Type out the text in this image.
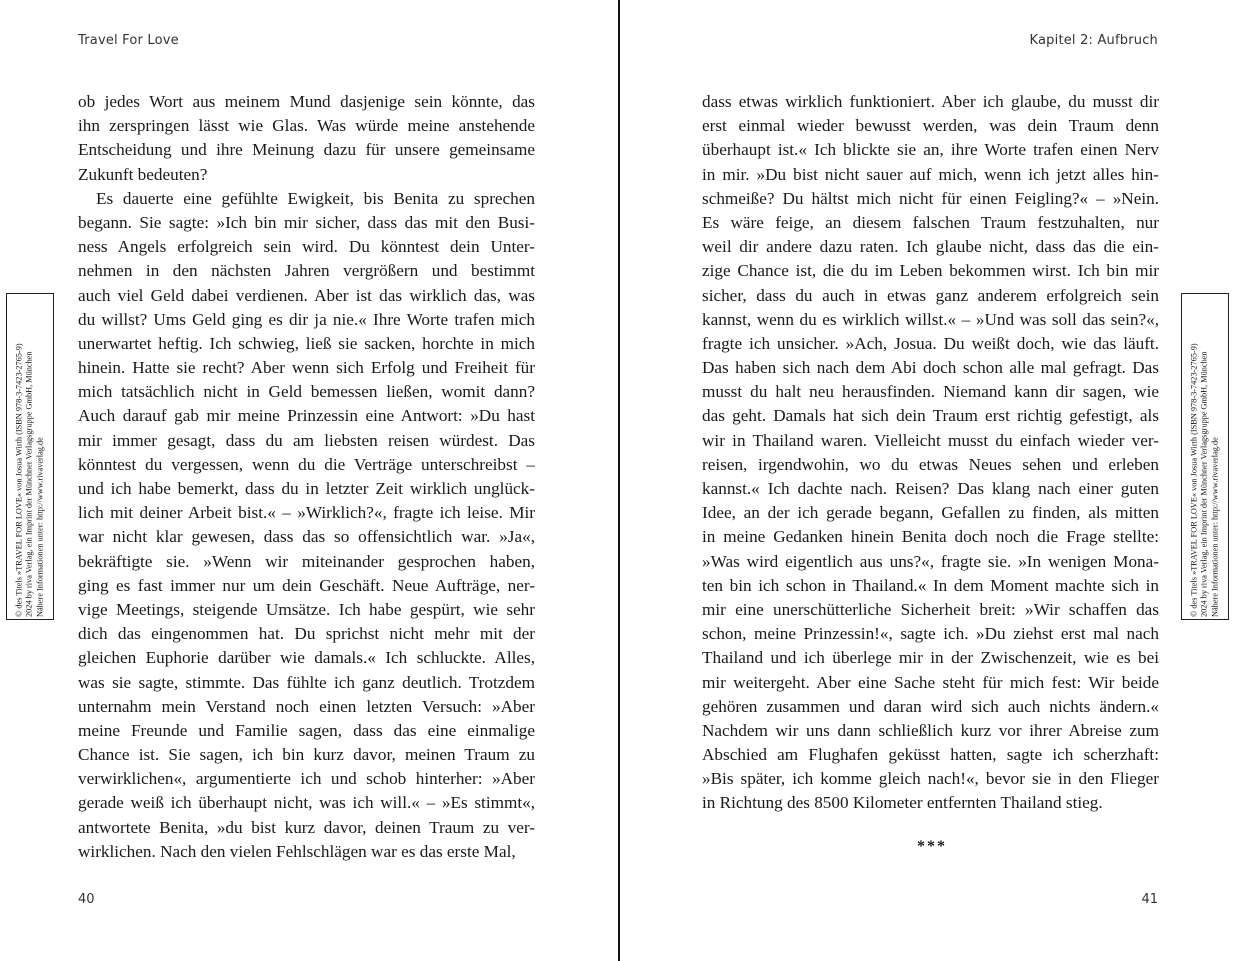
Travel For Love
ob jedes Wort aus meinem Mund dasjenige sein könnte, das
ihn zerspringen lässt wie Glas. Was würde meine anstehende
Entscheidung und ihre Meinung dazu für unsere gemeinsame
Zukunft bedeuten?
Es dauerte eine gefühlte Ewigkeit, bis Benita zu sprechen
begann. Sie sagte: »Ich bin mir sicher, dass das mit den Busi-
ness Angels erfolgreich sein wird. Du könntest dein Unter-
nehmen in den nächsten Jahren vergrößern und bestimmt
auch viel Geld dabei verdienen. Aber ist das wirklich das, was
du willst? Ums Geld ging es dir ja nie.« Ihre Worte trafen mich
unerwartet heftig. Ich schwieg, ließ sie sacken, horchte in mich
hinein. Hatte sie recht? Aber wenn sich Erfolg und Freiheit für
mich tatsächlich nicht in Geld bemessen ließen, womit dann?
Auch darauf gab mir meine Prinzessin eine Antwort: »Du hast
mir immer gesagt, dass du am liebsten reisen würdest. Das
könntest du vergessen, wenn du die Verträge unterschreibst –
und ich habe bemerkt, dass du in letzter Zeit wirklich unglück-
lich mit deiner Arbeit bist.« – »Wirklich?«, fragte ich leise. Mir
war nicht klar gewesen, dass das so offensichtlich war. »Ja«,
bekräftigte sie. »Wenn wir miteinander gesprochen haben,
ging es fast immer nur um dein Geschäft. Neue Aufträge, ner-
vige Meetings, steigende Umsätze. Ich habe gespürt, wie sehr
dich das eingenommen hat. Du sprichst nicht mehr mit der
gleichen Euphorie darüber wie damals.« Ich schluckte. Alles,
was sie sagte, stimmte. Das fühlte ich ganz deutlich. Trotzdem
unternahm mein Verstand noch einen letzten Versuch: »Aber
meine Freunde und Familie sagen, dass das eine einmalige
Chance ist. Sie sagen, ich bin kurz davor, meinen Traum zu
verwirklichen«, argumentierte ich und schob hinterher: »Aber
gerade weiß ich überhaupt nicht, was ich will.« – »Es stimmt«,
antwortete Benita, »du bist kurz davor, deinen Traum zu ver-
wirklichen. Nach den vielen Fehlschlägen war es das erste Mal,
40
Kapitel 2: Aufbruch
dass etwas wirklich funktioniert. Aber ich glaube, du musst dir
erst einmal wieder bewusst werden, was dein Traum denn
überhaupt ist.« Ich blickte sie an, ihre Worte trafen einen Nerv
in mir. »Du bist nicht sauer auf mich, wenn ich jetzt alles hin-
schmeiße? Du hältst mich nicht für einen Feigling?« – »Nein.
Es wäre feige, an diesem falschen Traum festzuhalten, nur
weil dir andere dazu raten. Ich glaube nicht, dass das die ein-
zige Chance ist, die du im Leben bekommen wirst. Ich bin mir
sicher, dass du auch in etwas ganz anderem erfolgreich sein
kannst, wenn du es wirklich willst.« – »Und was soll das sein?«,
fragte ich unsicher. »Ach, Josua. Du weißt doch, wie das läuft.
Das haben sich nach dem Abi doch schon alle mal gefragt. Das
musst du halt neu herausfinden. Niemand kann dir sagen, wie
das geht. Damals hat sich dein Traum erst richtig gefestigt, als
wir in Thailand waren. Vielleicht musst du einfach wieder ver-
reisen, irgendwohin, wo du etwas Neues sehen und erleben
kannst.« Ich dachte nach. Reisen? Das klang nach einer guten
Idee, an der ich gerade begann, Gefallen zu finden, als mitten
in meine Gedanken hinein Benita doch noch die Frage stellte:
»Was wird eigentlich aus uns?«, fragte sie. »In wenigen Mona-
ten bin ich schon in Thailand.« In dem Moment machte sich in
mir eine unerschütterliche Sicherheit breit: »Wir schaffen das
schon, meine Prinzessin!«, sagte ich. »Du ziehst erst mal nach
Thailand und ich überlege mir in der Zwischenzeit, wie es bei
mir weitergeht. Aber eine Sache steht für mich fest: Wir beide
gehören zusammen und daran wird sich auch nichts ändern.«
Nachdem wir uns dann schließlich kurz vor ihrer Abreise zum
Abschied am Flughafen geküsst hatten, sagte ich scherzhaft:
»Bis später, ich komme gleich nach!«, bevor sie in den Flieger
in Richtung des 8500 Kilometer entfernten Thailand stieg.
***
41
© des Titels »TRAVEL FOR LOVE« von Josua Wirth (ISBN 978-3-7423-2765-9) 2024 by riva Verlag, ein Imprint der Münchner Verlagsgruppe GmbH, München Nähere Informationen unter: http://www.rivaverlag.de	© des Titels »TRAVEL FOR LOVE« von Josua Wirth (ISBN 978-3-7423-2765-9) 2024 by riva Verlag, ein Imprint der Münchner Verlagsgruppe GmbH, München Nähere Informationen unter: http://www.rivaverlag.de
